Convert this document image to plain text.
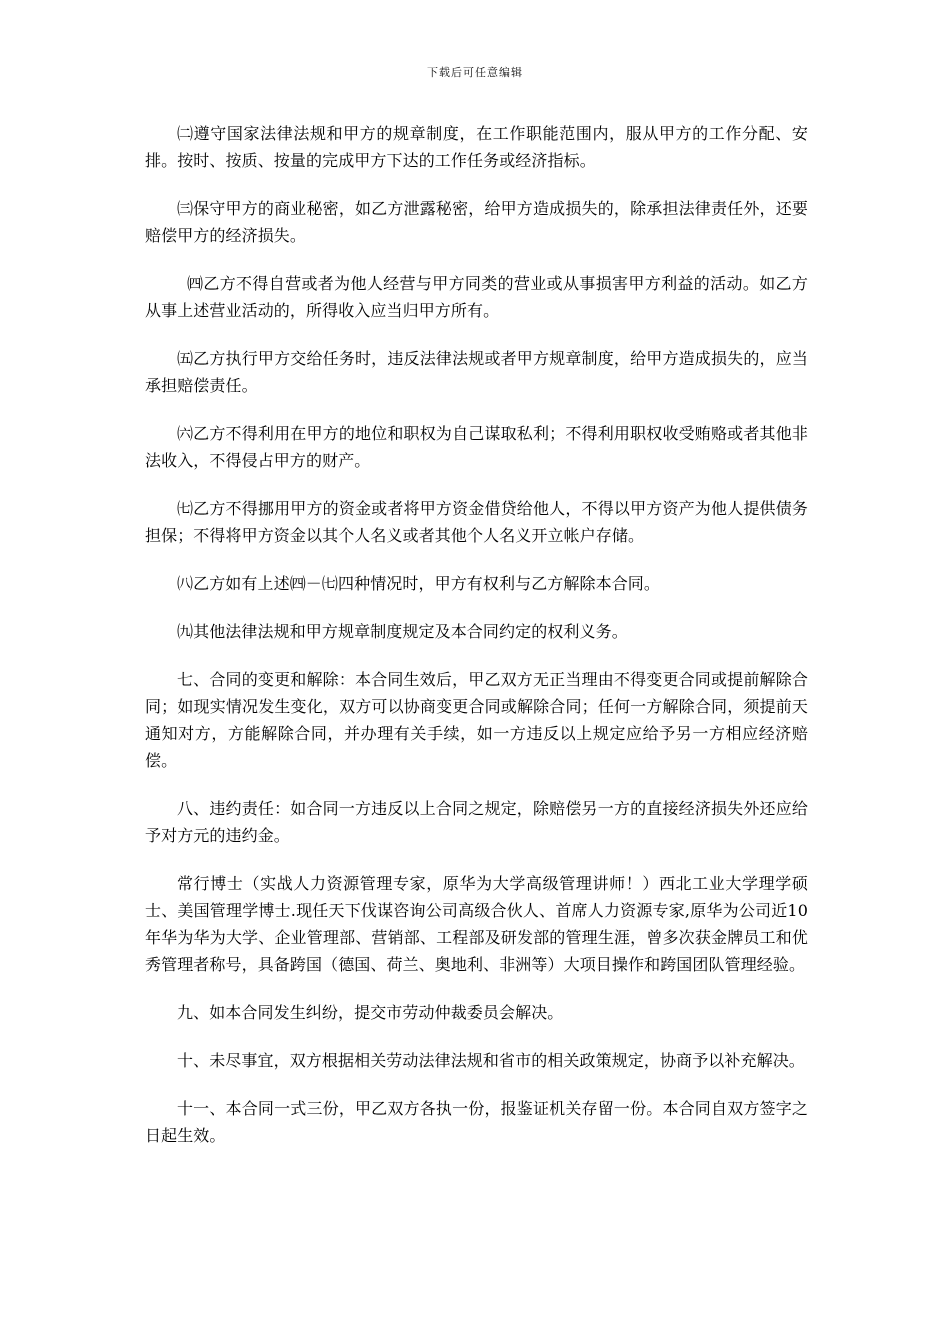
下载后可任意编辑

㈡遵守国家法律法规和甲方的规章制度，在工作职能范围内，服从甲方的工作分配、安排。按时、按质、按量的完成甲方下达的工作任务或经济指标。

㈢保守甲方的商业秘密，如乙方泄露秘密，给甲方造成损失的，除承担法律责任外，还要赔偿甲方的经济损失。

㈣乙方不得自营或者为他人经营与甲方同类的营业或从事损害甲方利益的活动。如乙方从事上述营业活动的，所得收入应当归甲方所有。

㈤乙方执行甲方交给任务时，违反法律法规或者甲方规章制度，给甲方造成损失的，应当承担赔偿责任。

㈥乙方不得利用在甲方的地位和职权为自己谋取私利；不得利用职权收受贿赂或者其他非法收入，不得侵占甲方的财产。

㈦乙方不得挪用甲方的资金或者将甲方资金借贷给他人，不得以甲方资产为他人提供债务担保；不得将甲方资金以其个人名义或者其他个人名义开立帐户存储。

㈧乙方如有上述㈣－㈦四种情况时，甲方有权利与乙方解除本合同。

㈨其他法律法规和甲方规章制度规定及本合同约定的权利义务。

七、合同的变更和解除：本合同生效后，甲乙双方无正当理由不得变更合同或提前解除合同；如现实情况发生变化，双方可以协商变更合同或解除合同；任何一方解除合同，须提前天通知对方，方能解除合同，并办理有关手续，如一方违反以上规定应给予另一方相应经济赔偿。

八、违约责任：如合同一方违反以上合同之规定，除赔偿另一方的直接经济损失外还应给予对方元的违约金。

常行博士（实战人力资源管理专家，原华为大学高级管理讲师！）西北工业大学理学硕士、美国管理学博士.现任天下伐谋咨询公司高级合伙人、首席人力资源专家,原华为公司近10年华为华为大学、企业管理部、营销部、工程部及研发部的管理生涯，曾多次获金牌员工和优秀管理者称号，具备跨国（德国、荷兰、奥地利、非洲等）大项目操作和跨国团队管理经验。

九、如本合同发生纠纷，提交市劳动仲裁委员会解决。

十、未尽事宜，双方根据相关劳动法律法规和省市的相关政策规定，协商予以补充解决。

十一、本合同一式三份，甲乙双方各执一份，报鉴证机关存留一份。本合同自双方签字之日起生效。
